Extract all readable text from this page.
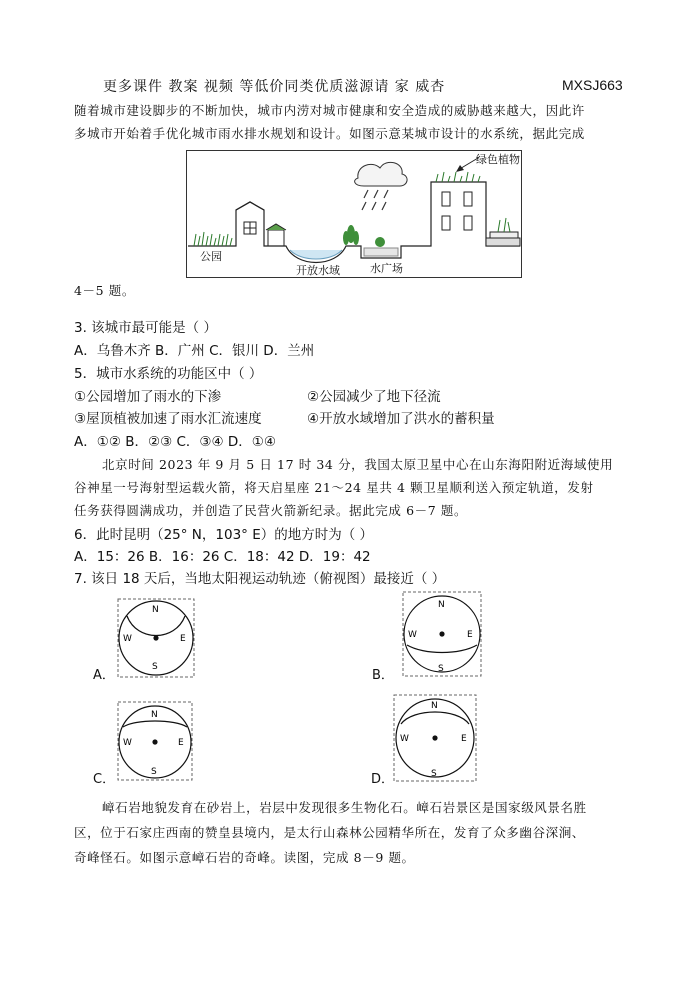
更多课件 教案 视频 等低价同类优质滋源请 家 威杏	MXSJ663
随着城市建设脚步的不断加快，城市内涝对城市健康和安全造成的威胁越来越大，因此许
多城市开始着手优化城市雨水排水规划和设计。如图示意某城市设计的水系统，据此完成
绿色植物
公园
开放水域	水广场
4－5 题。
3. 该城市最可能是（ ）
A．乌鲁木齐 B．广州 C．银川 D．兰州
5．城市水系统的功能区中（ ）
①公园增加了雨水的下渗	②公园减少了地下径流
③屋顶植被加速了雨水汇流速度	④开放水域增加了洪水的蓄积量
A．①② B．②③ C．③④ D．①④
北京时间 2023 年 9 月 5 日 17 时 34 分，我国太原卫星中心在山东海阳附近海域使用
谷神星一号海射型运载火箭，将天启星座 21～24 星共 4 颗卫星顺利送入预定轨道，发射
任务获得圆满成功，并创造了民营火箭新纪录。据此完成 6－7 题。
6．此时昆明（25° N，103° E）的地方时为（ ）
A．15：26 B．16：26 C．18：42 D．19：42
7. 该日 18 天后，当地太阳视运动轨迹（俯视图）最接近（ ）
A．
N
S
W	E
B．
N
S
W	E
C．
N
S
W	E
D．
N
S
W	E
嶂石岩地貌发育在砂岩上，岩层中发现很多生物化石。嶂石岩景区是国家级风景名胜
区，位于石家庄西南的赞皇县境内，是太行山森林公园精华所在，发育了众多幽谷深涧、
奇峰怪石。如图示意嶂石岩的奇峰。读图，完成 8－9 题。
